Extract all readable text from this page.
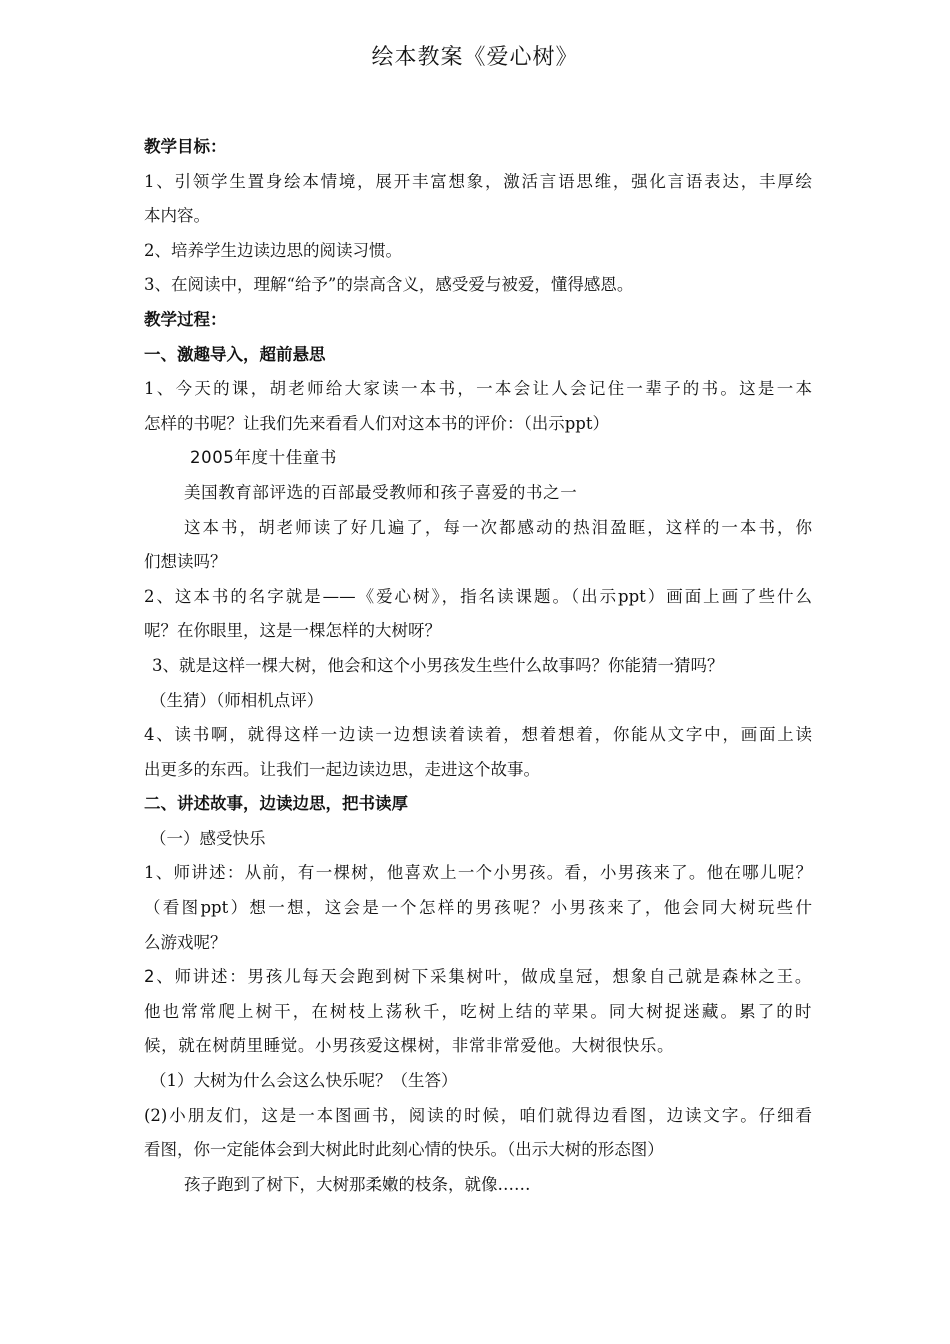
绘本教案《爱心树》
教学目标：
1、引领学生置身绘本情境，展开丰富想象，激活言语思维，强化言语表达，丰厚绘
本内容。
2、培养学生边读边思的阅读习惯。
3、在阅读中，理解“给予”的崇高含义，感受爱与被爱，懂得感恩。
教学过程：
一、激趣导入，超前悬思
1、今天的课，胡老师给大家读一本书，一本会让人会记住一辈子的书。这是一本
怎样的书呢？让我们先来看看人们对这本书的评价：（出示ppt）
2005年度十佳童书
美国教育部评选的百部最受教师和孩子喜爱的书之一
这本书，胡老师读了好几遍了，每一次都感动的热泪盈眶，这样的一本书，你
们想读吗？
2、这本书的名字就是——《爱心树》，指名读课题。（出示ppt）画面上画了些什么
呢？在你眼里，这是一棵怎样的大树呀？
3、就是这样一棵大树，他会和这个小男孩发生些什么故事吗？你能猜一猜吗？
（生猜）（师相机点评）
4、读书啊，就得这样一边读一边想读着读着，想着想着，你能从文字中，画面上读
出更多的东西。让我们一起边读边思，走进这个故事。
二、讲述故事，边读边思，把书读厚
（一）感受快乐
1、师讲述：从前，有一棵树，他喜欢上一个小男孩。看，小男孩来了。他在哪儿呢？
（看图ppt）想一想，这会是一个怎样的男孩呢？小男孩来了，他会同大树玩些什
么游戏呢？
2、师讲述：男孩儿每天会跑到树下采集树叶，做成皇冠，想象自己就是森林之王。
他也常常爬上树干，在树枝上荡秋千，吃树上结的苹果。同大树捉迷藏。累了的时
候，就在树荫里睡觉。小男孩爱这棵树，非常非常爱他。大树很快乐。
（1）大树为什么会这么快乐呢？（生答）
(2)小朋友们，这是一本图画书，阅读的时候，咱们就得边看图，边读文字。仔细看
看图，你一定能体会到大树此时此刻心情的快乐。（出示大树的形态图）
孩子跑到了树下，大树那柔嫩的枝条，就像……
